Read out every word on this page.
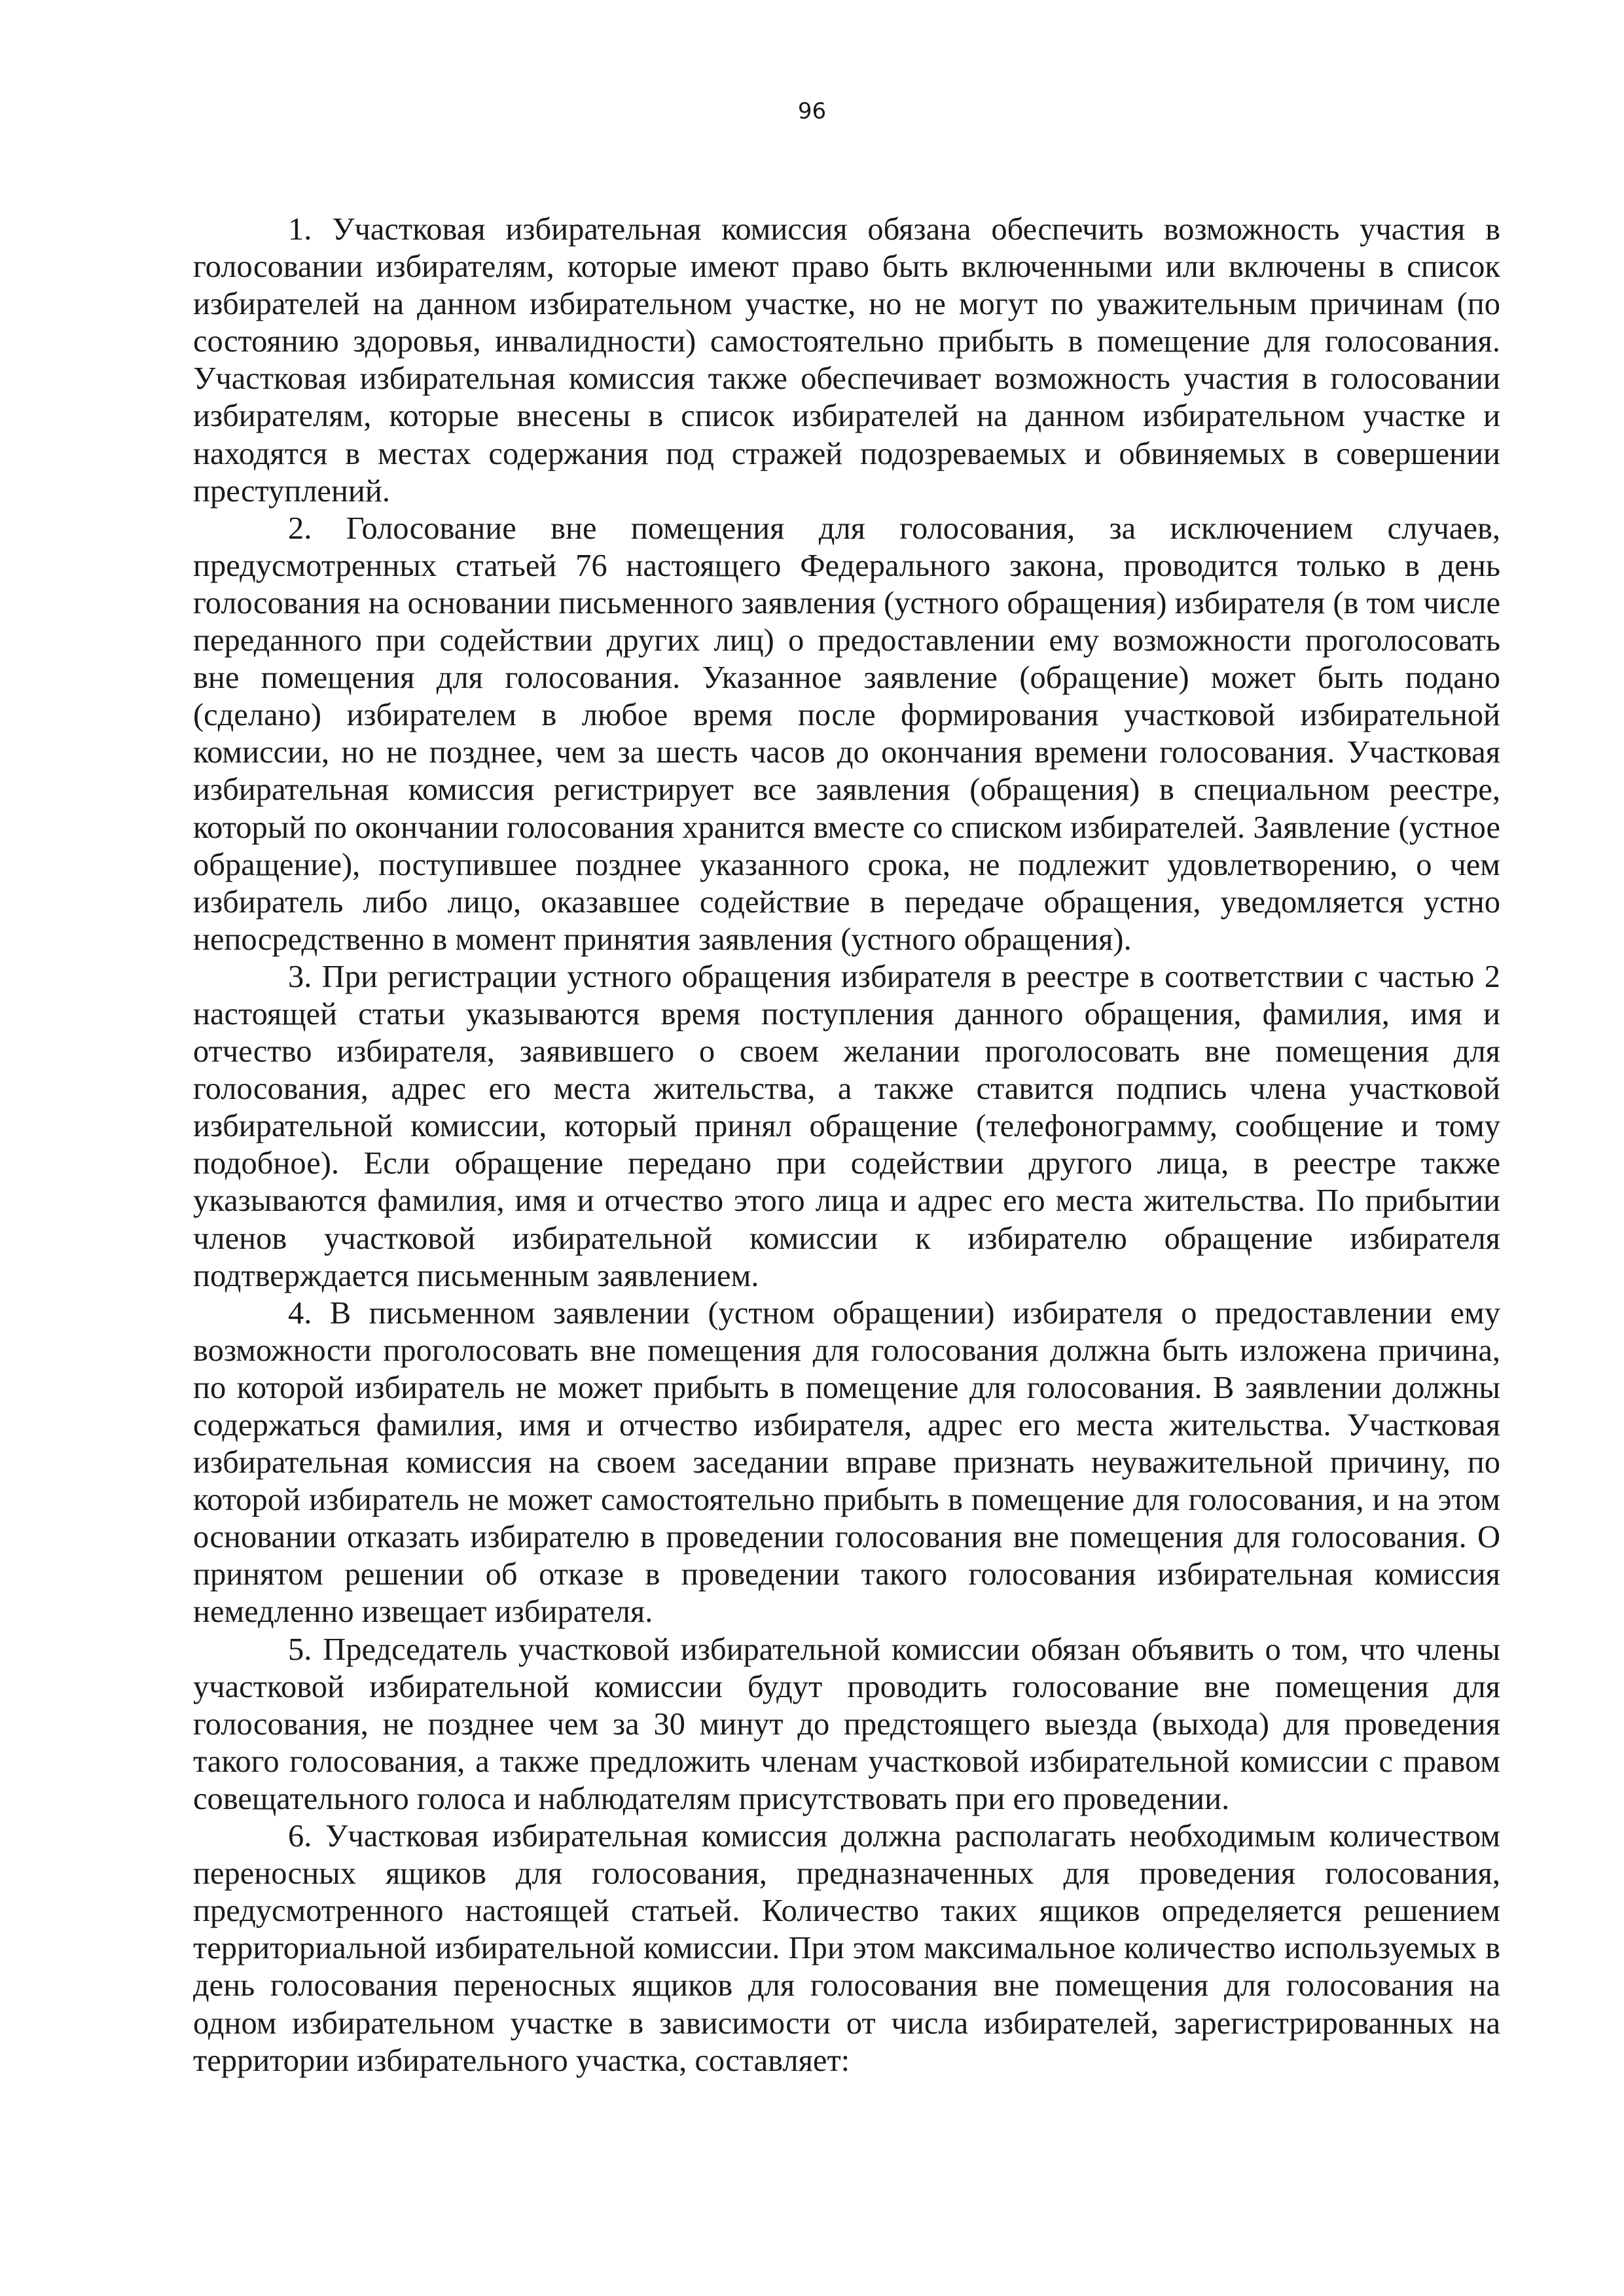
96

1. Участковая избирательная комиссия обязана обеспечить возможность участия в голосовании избирателям, которые имеют право быть включенными или включены в список избирателей на данном избирательном участке, но не могут по уважительным причинам (по состоянию здоровья, инвалидности) самостоятельно прибыть в помещение для голосования. Участковая избирательная комиссия также обеспечивает возможность участия в голосовании избирателям, которые внесены в список избирателей на данном избирательном участке и находятся в местах содержания под стражей подозреваемых и обвиняемых в совершении преступлений.

2. Голосование вне помещения для голосования, за исключением случаев, предусмотренных статьей 76 настоящего Федерального закона, проводится только в день голосования на основании письменного заявления (устного обращения) избирателя (в том числе переданного при содействии других лиц) о предоставлении ему возможности проголосовать вне помещения для голосования. Указанное заявление (обращение) может быть подано (сделано) избирателем в любое время после формирования участковой избирательной комиссии, но не позднее, чем за шесть часов до окончания времени голосования. Участковая избирательная комиссия регистрирует все заявления (обращения) в специальном реестре, который по окончании голосования хранится вместе со списком избирателей. Заявление (устное обращение), поступившее позднее указанного срока, не подлежит удовлетворению, о чем избиратель либо лицо, оказавшее содействие в передаче обращения, уведомляется устно непосредственно в момент принятия заявления (устного обращения).

3. При регистрации устного обращения избирателя в реестре в соответствии с частью 2 настоящей статьи указываются время поступления данного обращения, фамилия, имя и отчество избирателя, заявившего о своем желании проголосовать вне помещения для голосования, адрес его места жительства, а также ставится подпись члена участковой избирательной комиссии, который принял обращение (телефонограмму, сообщение и тому подобное). Если обращение передано при содействии другого лица, в реестре также указываются фамилия, имя и отчество этого лица и адрес его места жительства. По прибытии членов участковой избирательной комиссии к избирателю обращение избирателя подтверждается письменным заявлением.

4. В письменном заявлении (устном обращении) избирателя о предоставлении ему возможности проголосовать вне помещения для голосования должна быть изложена причина, по которой избиратель не может прибыть в помещение для голосования. В заявлении должны содержаться фамилия, имя и отчество избирателя, адрес его места жительства. Участковая избирательная комиссия на своем заседании вправе признать неуважительной причину, по которой избиратель не может самостоятельно прибыть в помещение для голосования, и на этом основании отказать избирателю в проведении голосования вне помещения для голосования. О принятом решении об отказе в проведении такого голосования избирательная комиссия немедленно извещает избирателя.

5. Председатель участковой избирательной комиссии обязан объявить о том, что члены участковой избирательной комиссии будут проводить голосование вне помещения для голосования, не позднее чем за 30 минут до предстоящего выезда (выхода) для проведения такого голосования, а также предложить членам участковой избирательной комиссии с правом совещательного голоса и наблюдателям присутствовать при его проведении.

6. Участковая избирательная комиссия должна располагать необходимым количеством переносных ящиков для голосования, предназначенных для проведения голосования, предусмотренного настоящей статьей. Количество таких ящиков определяется решением территориальной избирательной комиссии. При этом максимальное количество используемых в день голосования переносных ящиков для голосования вне помещения для голосования на одном избирательном участке в зависимости от числа избирателей, зарегистрированных на территории избирательного участка, составляет:
